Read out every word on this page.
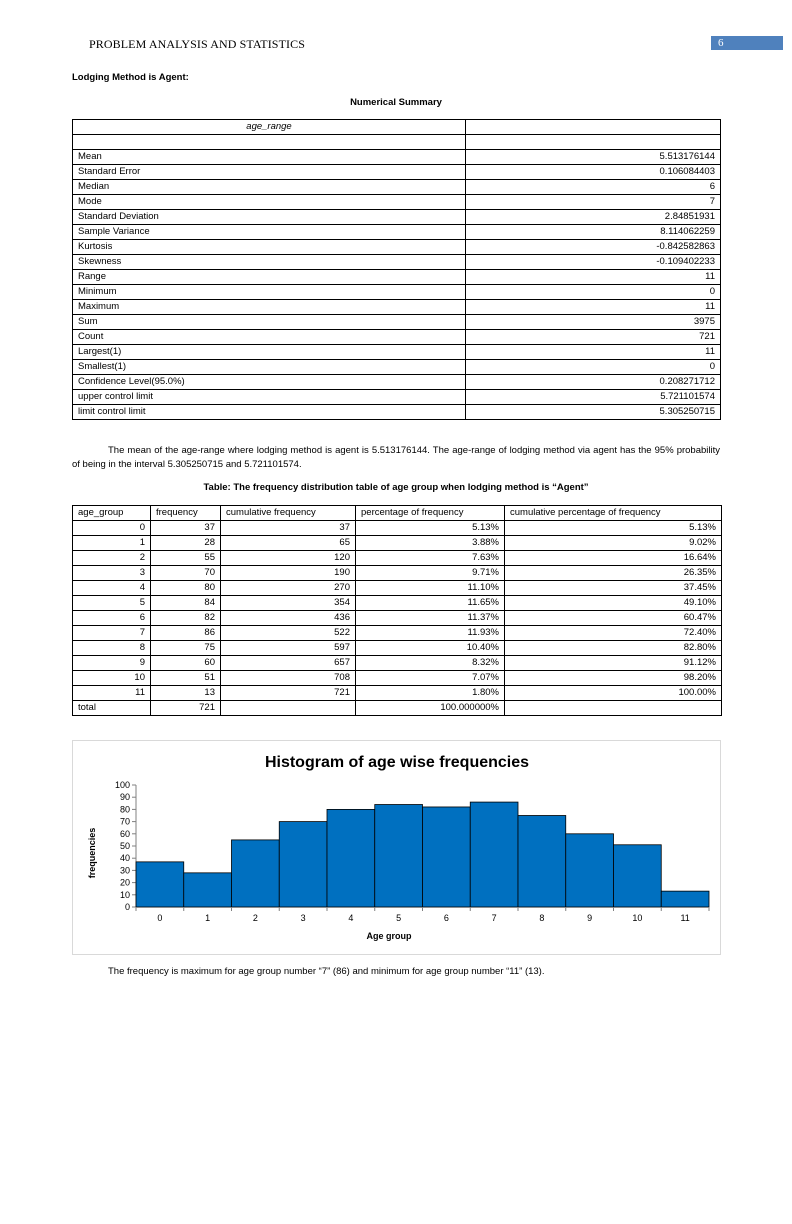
PROBLEM ANALYSIS AND STATISTICS	6
Lodging Method is Agent:
Numerical Summary
age_range	

Mean	5.513176144
Standard Error	0.106084403
Median	6
Mode	7
Standard Deviation	2.84851931
Sample Variance	8.114062259
Kurtosis	-0.842582863
Skewness	-0.109402233
Range	11
Minimum	0
Maximum	11
Sum	3975
Count	721
Largest(1)	11
Smallest(1)	0
Confidence Level(95.0%)	0.208271712
upper control limit	5.721101574
limit control limit	5.305250715
The mean of the age-range where lodging method is agent is 5.513176144. The age-range of lodging method via agent has the 95% probability of being in the interval 5.305250715 and 5.721101574.
Table: The frequency distribution table of age group when lodging method is “Agent”
age_group	frequency	cumulative frequency	percentage of frequency	cumulative percentage of frequency
0	37	37	5.13%	5.13%
1	28	65	3.88%	9.02%
2	55	120	7.63%	16.64%
3	70	190	9.71%	26.35%
4	80	270	11.10%	37.45%
5	84	354	11.65%	49.10%
6	82	436	11.37%	60.47%
7	86	522	11.93%	72.40%
8	75	597	10.40%	82.80%
9	60	657	8.32%	91.12%
10	51	708	7.07%	98.20%
11	13	721	1.80%	100.00%
total	721		100.000000%	
Histogram of age wise frequencies
Age group
frequencies
0
10
20
30
40
50
60
70
80
90
100
0	1	2	3	4	5	6	7	8	9	10	11
The frequency is maximum for age group number “7” (86) and minimum for age group number “11” (13).
